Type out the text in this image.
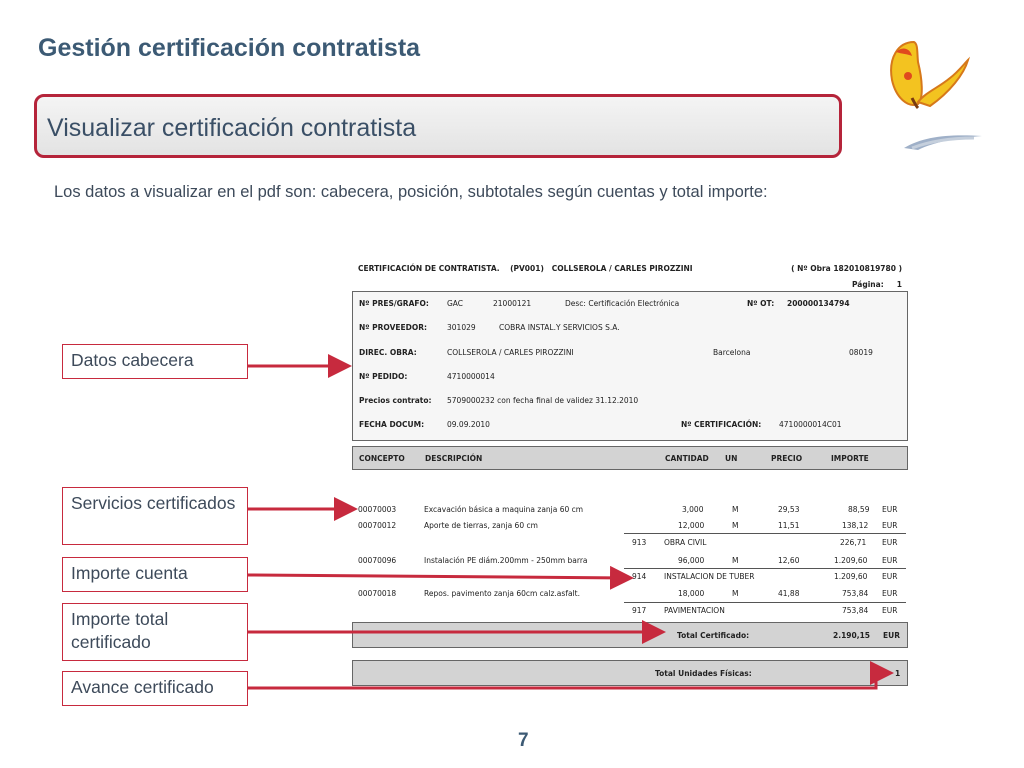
Gestión certificación contratista
Visualizar certificación contratista
Los datos a visualizar en el pdf son: cabecera, posición, subtotales según cuentas y total importe:
CERTIFICACIÓN DE CONTRATISTA. (PV001) COLLSEROLA / CARLES PIROZZINI	( Nº Obra 182010819780 )
Página: 1
Nº PRES/GRAFO: GAC	21000121	Desc: Certificación Electrónica	Nº OT: 200000134794
Nº PROVEEDOR:	301029	COBRA INSTAL.Y SERVICIOS S.A.
DIREC. OBRA:	COLLSEROLA / CARLES PIROZZINI	Barcelona	08019
Nº PEDIDO:	4710000014
Precios contrato: 5709000232 con fecha final de validez 31.12.2010
FECHA DOCUM:	09.09.2010	Nº CERTIFICACIÓN: 4710000014C01
CONCEPTO	DESCRIPCIÓN	CANTIDAD UN	PRECIO	IMPORTE
00070003	Excavación básica a maquina zanja 60 cm	3,000	M	29,53	88,59 EUR
00070012	Aporte de tierras, zanja 60 cm	12,000	M	11,51	138,12 EUR
913 OBRA CIVIL	226,71 EUR
00070096	Instalación PE diám.200mm - 250mm barra	96,000	M	12,60	1.209,60 EUR
914 INSTALACION DE TUBER	1.209,60 EUR
00070018	Repos. pavimento zanja 60cm calz.asfalt.	18,000	M	41,88	753,84 EUR
917 PAVIMENTACION	753,84 EUR
Total Certificado:	2.190,15 EUR
Total Unidades Físicas:	1
Datos cabecera
Servicios certificados
Importe cuenta
Importe total certificado
Avance certificado
7
